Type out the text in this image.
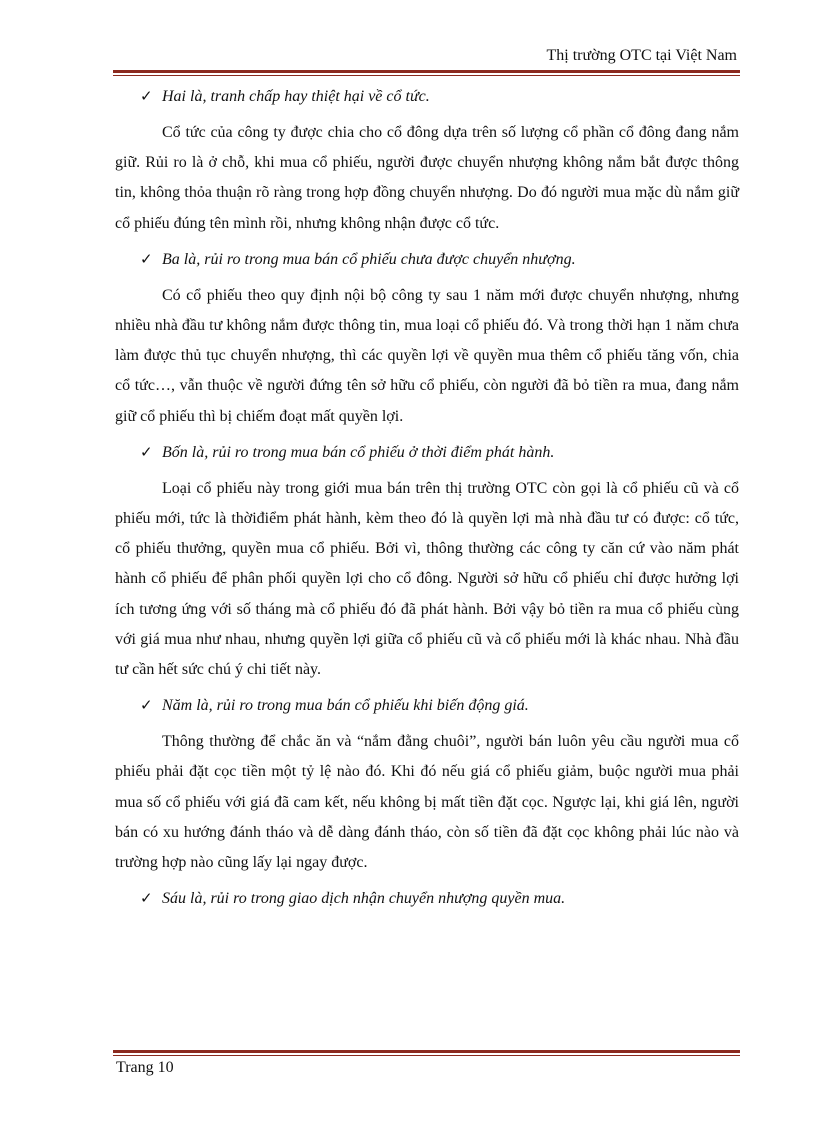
Thị trường OTC tại Việt Nam
✓ Hai là, tranh chấp hay thiệt hại về cổ tức.

Cổ tức của công ty được chia cho cổ đông dựa trên số lượng cổ phần cổ đông đang nắm giữ. Rủi ro là ở chỗ, khi mua cổ phiếu, người được chuyển nhượng không nắm bắt được thông tin, không thỏa thuận rõ ràng trong hợp đồng chuyển nhượng. Do đó người mua mặc dù nắm giữ cổ phiếu đúng tên mình rồi, nhưng không nhận được cổ tức.

✓ Ba là, rủi ro trong mua bán cổ phiếu chưa được chuyển nhượng.

Có cổ phiếu theo quy định nội bộ công ty sau 1 năm mới được chuyển nhượng, nhưng nhiều nhà đầu tư không nắm được thông tin, mua loại cổ phiếu đó. Và trong thời hạn 1 năm chưa làm được thủ tục chuyển nhượng, thì các quyền lợi về quyền mua thêm cổ phiếu tăng vốn, chia cổ tức…, vẫn thuộc về người đứng tên sở hữu cổ phiếu, còn người đã bỏ tiền ra mua, đang nắm giữ cổ phiếu thì bị chiếm đoạt mất quyền lợi.

✓ Bốn là, rủi ro trong mua bán cổ phiếu ở thời điểm phát hành.

Loại cổ phiếu này trong giới mua bán trên thị trường OTC còn gọi là cổ phiếu cũ và cổ phiếu mới, tức là thờiđiểm phát hành, kèm theo đó là quyền lợi mà nhà đầu tư có được: cổ tức, cổ phiếu thưởng, quyền mua cổ phiếu. Bởi vì, thông thường các công ty căn cứ vào năm phát hành cổ phiếu để phân phối quyền lợi cho cổ đông. Người sở hữu cổ phiếu chỉ được hưởng lợi ích tương ứng với số tháng mà cổ phiếu đó đã phát hành. Bởi vậy bỏ tiền ra mua cổ phiếu cùng với giá mua như nhau, nhưng quyền lợi giữa cổ phiếu cũ và cổ phiếu mới là khác nhau. Nhà đầu tư cần hết sức chú ý chi tiết này.

✓ Năm là, rủi ro trong mua bán cổ phiếu khi biến động giá.

Thông thường để chắc ăn và “nắm đằng chuôi”, người bán luôn yêu cầu người mua cổ phiếu phải đặt cọc tiền một tỷ lệ nào đó. Khi đó nếu giá cổ phiếu giảm, buộc người mua phải mua số cổ phiếu với giá đã cam kết, nếu không bị mất tiền đặt cọc. Ngược lại, khi giá lên, người bán có xu hướng đánh tháo và dễ dàng đánh tháo, còn số tiền đã đặt cọc không phải lúc nào và trường hợp nào cũng lấy lại ngay được.

✓ Sáu là, rủi ro trong giao dịch nhận chuyển nhượng quyền mua.
Trang 10
